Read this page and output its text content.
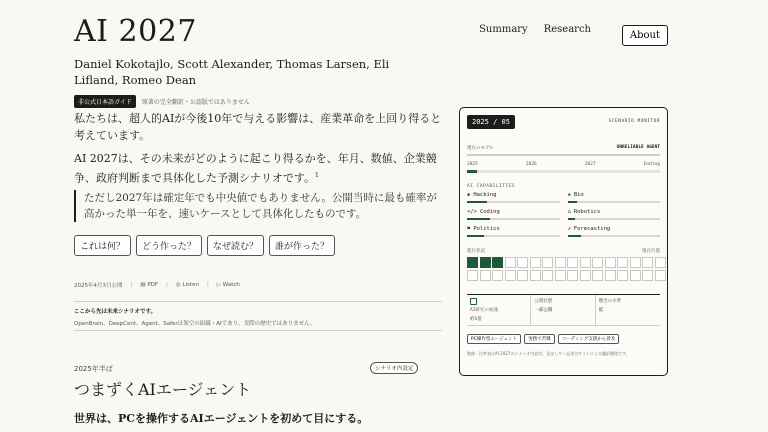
AI 2027	Summary Research
About
Daniel Kokotajlo, Scott Alexander, Thomas Larsen, Eli Lifland, Romeo Dean
非公式日本語ガイド	原著の完全翻訳・公認版ではありません

私たちは、超人的AIが今後10年で与える影響は、産業革命を上回り得ると考えています。

AI 2027は、その未来がどのように起こり得るかを、年月、数値、企業競争、政府判断まで具体化した予測シナリオです。$^1$

ただし2027年は確定年でも中央値でもありません。公開当時に最も確率が高かった単一年を、速いケースとして具体化したものです。
これは何？	どう作った？	なぜ読む？	誰が作った？
2025年4月3日公開 | ▤ PDF | ◎ Listen | ▷ Watch
ここから先は未来シナリオです。
OpenBrain、DeepCent、Agent、Saferは架空の組織・AIであり、実際の歴史ではありません。
2025年半ば	シナリオ内設定
つまずくAIエージェント

世界は、PCを操作するAIエージェントを初めて目にする。

2025 / 05	SCENARIO MONITOR
現在のモデル	UNRELIABLE AGENT
2025	2026	2027	Ending
AI CAPABILITIES
◈ Hacking	❋ Bio
</> Coding	⌂ Robotics
⚑ Politics	↗ Forecasting
進行状況	現在位置
AI研究の加速
約1倍
公開状態
一部公開
懸念の水準
低
PC操作型エージェント	実務で苦戦	コーディング支援から普及
数値・比率表はAI 2027のシナリオ内設定。見出しやー記述はサイトによる翻訳整理です。
